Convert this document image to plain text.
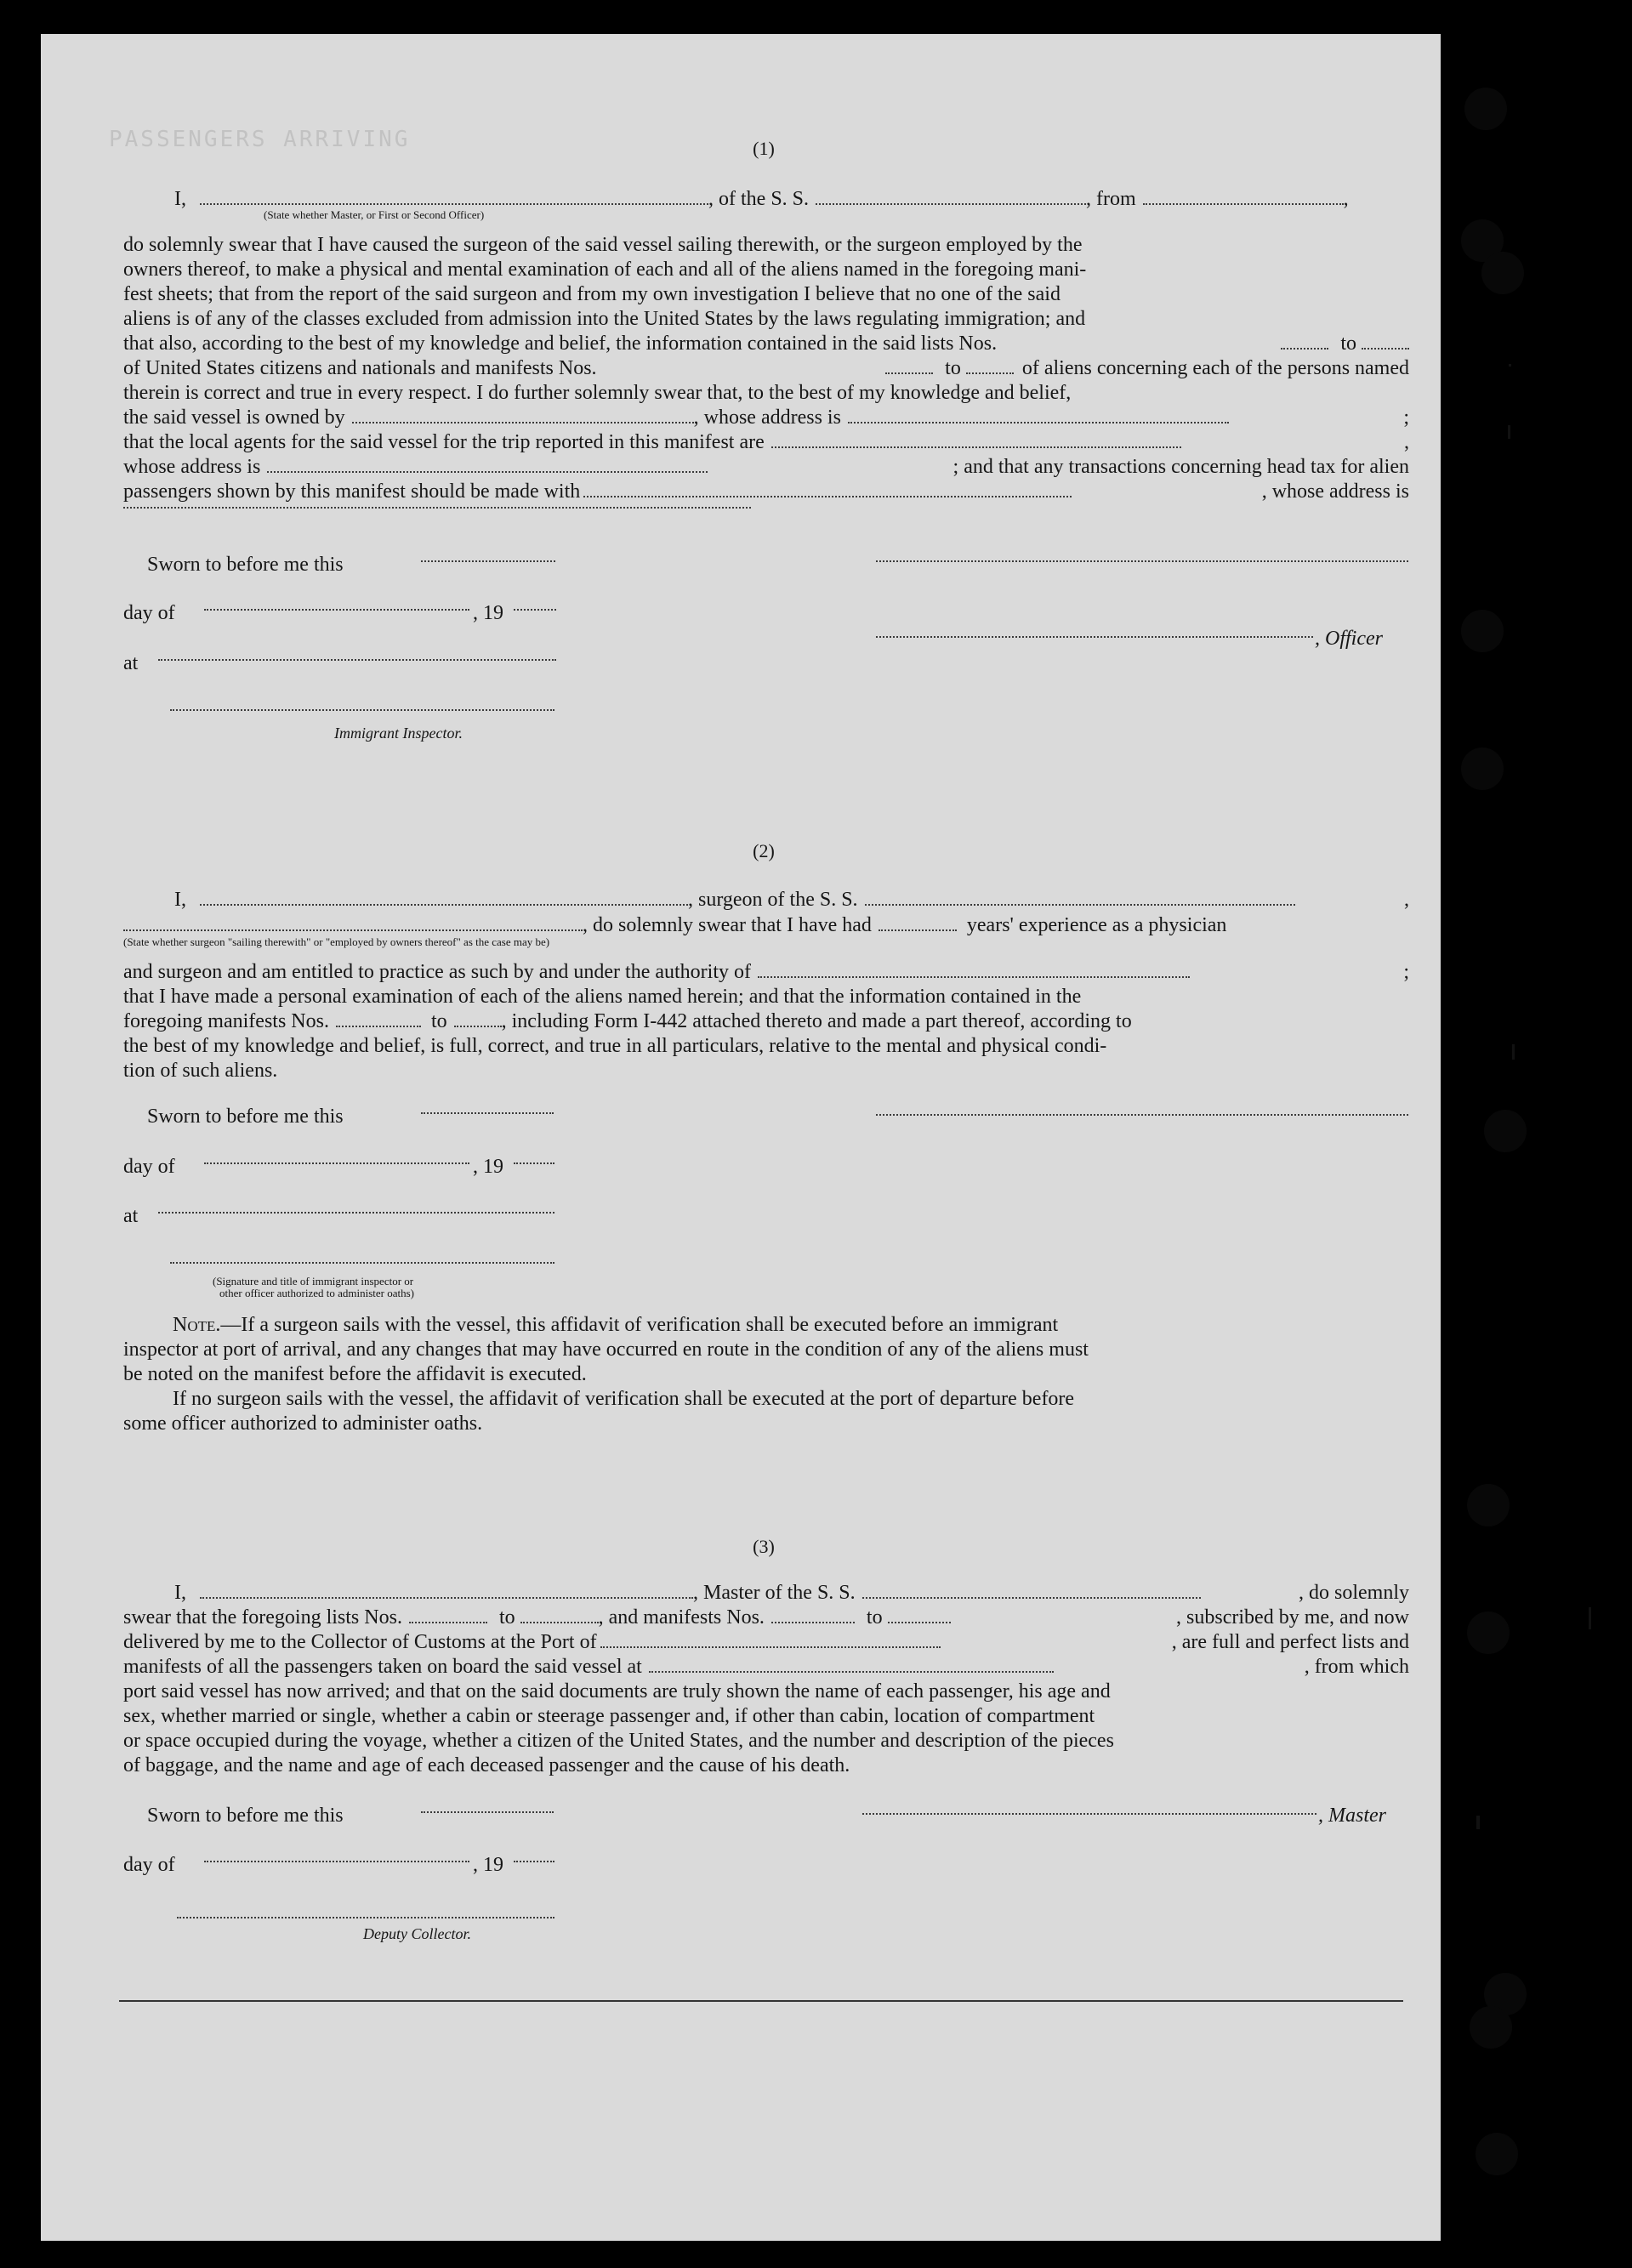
PASSENGERS ARRIVING	(1)
I,	, of the S. S.	, from	,
(State whether Master, or First or Second Officer)
do solemnly swear that I have caused the surgeon of the said vessel sailing therewith, or the surgeon employed by the
owners thereof, to make a physical and mental examination of each and all of the aliens named in the foregoing mani-
fest sheets; that from the report of the said surgeon and from my own investigation I believe that no one of the said
aliens is of any of the classes excluded from admission into the United States by the laws regulating immigration; and
that also, according to the best of my knowledge and belief, the information contained in the said lists Nos.	to
of United States citizens and nationals and manifests Nos.	to	of aliens concerning each of the persons named
therein is correct and true in every respect. I do further solemnly swear that, to the best of my knowledge and belief,
the said vessel is owned by	, whose address is	;
that the local agents for the said vessel for the trip reported in this manifest are	,
whose address is	; and that any transactions concerning head tax for alien
passengers shown by this manifest should be made with	, whose address is
Sworn to before me this
day of	, 19
, Officer
at
Immigrant Inspector.
(2)
I,	, surgeon of the S. S.	,
, do solemnly swear that I have had	years' experience as a physician
(State whether surgeon "sailing therewith" or "employed by owners thereof" as the case may be)
and surgeon and am entitled to practice as such by and under the authority of	;
that I have made a personal examination of each of the aliens named herein; and that the information contained in the
foregoing manifests Nos.	to	, including Form I-442 attached thereto and made a part thereof, according to
the best of my knowledge and belief, is full, correct, and true in all particulars, relative to the mental and physical condi-
tion of such aliens.
Sworn to before me this
day of	, 19
at
(Signature and title of immigrant inspector or
other officer authorized to administer oaths)
Note. —If a surgeon sails with the vessel, this affidavit of verification shall be executed before an immigrant
inspector at port of arrival, and any changes that may have occurred en route in the condition of any of the aliens must
be noted on the manifest before the affidavit is executed.
If no surgeon sails with the vessel, the affidavit of verification shall be executed at the port of departure before
some officer authorized to administer oaths.
(3)
I,	, Master of the S. S.	, do solemnly
swear that the foregoing lists Nos.	to	, and manifests Nos.	to	, subscribed by me, and now
delivered by me to the Collector of Customs at the Port of	, are full and perfect lists and
manifests of all the passengers taken on board the said vessel at	, from which
port said vessel has now arrived; and that on the said documents are truly shown the name of each passenger, his age and
sex, whether married or single, whether a cabin or steerage passenger and, if other than cabin, location of compartment
or space occupied during the voyage, whether a citizen of the United States, and the number and description of the pieces
of baggage, and the name and age of each deceased passenger and the cause of his death.
Sworn to before me this	, Master
day of	, 19
Deputy Collector.
